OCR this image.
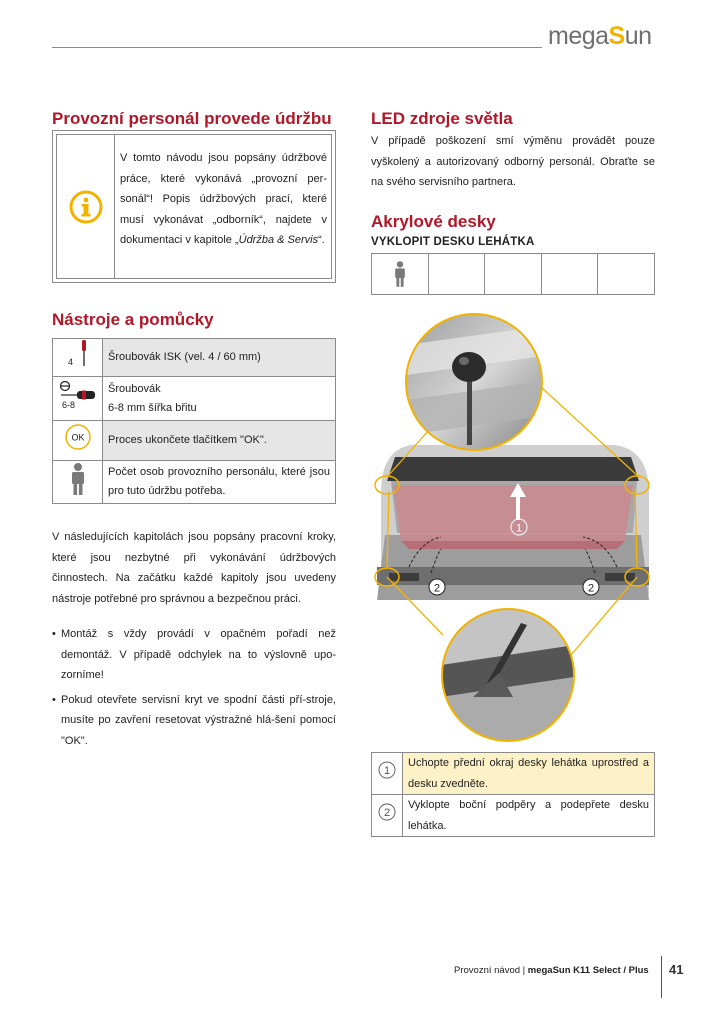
megaSun
Provozní personál provede údržbu
V tomto návodu jsou popsány údržbové práce, které vykonává „provozní per-sonál“! Popis údržbových prací, které musí vykonávat „odborník“, najdete v dokumentaci v kapitole „Údržba & Servis“.
Nástroje a pomůcky
4	Šroubovák ISK (vel. 4 / 60 mm)

6-8	Šroubovák
6-8 mm šířka břitu

OK	Proces ukončete tlačítkem "OK".
	Počet osob provozního personálu, které jsou pro tuto údržbu potřeba.
V následujících kapitolách jsou popsány pracovní kroky, které jsou nezbytné při vykonávání údržbových činnostech. Na začátku každé kapitoly jsou uvedeny nástroje potřebné pro správnou a bezpečnou práci.
• Montáž s vždy provádí v opačném pořadí než demontáž. V případě odchylek na to výslovně upo-zorníme!
• Pokud otevřete servisní kryt ve spodní části pří-stroje, musíte po zavření resetovat výstražné hlá-šení pomocí "OK".
LED zdroje světla
V případě poškození smí výměnu provádět pouze vyškolený a autorizovaný odborný personál. Obraťte se na svého servisního partnera.
Akrylové desky
VYKLOPIT DESKU LEHÁTKA
1
2	2
1	Uchopte přední okraj desky lehátka uprostřed a desku zvedněte.

2	Vyklopte boční podpěry a podepřete desku lehátka.
Provozní návod | megaSun K11 Select / Plus 41
